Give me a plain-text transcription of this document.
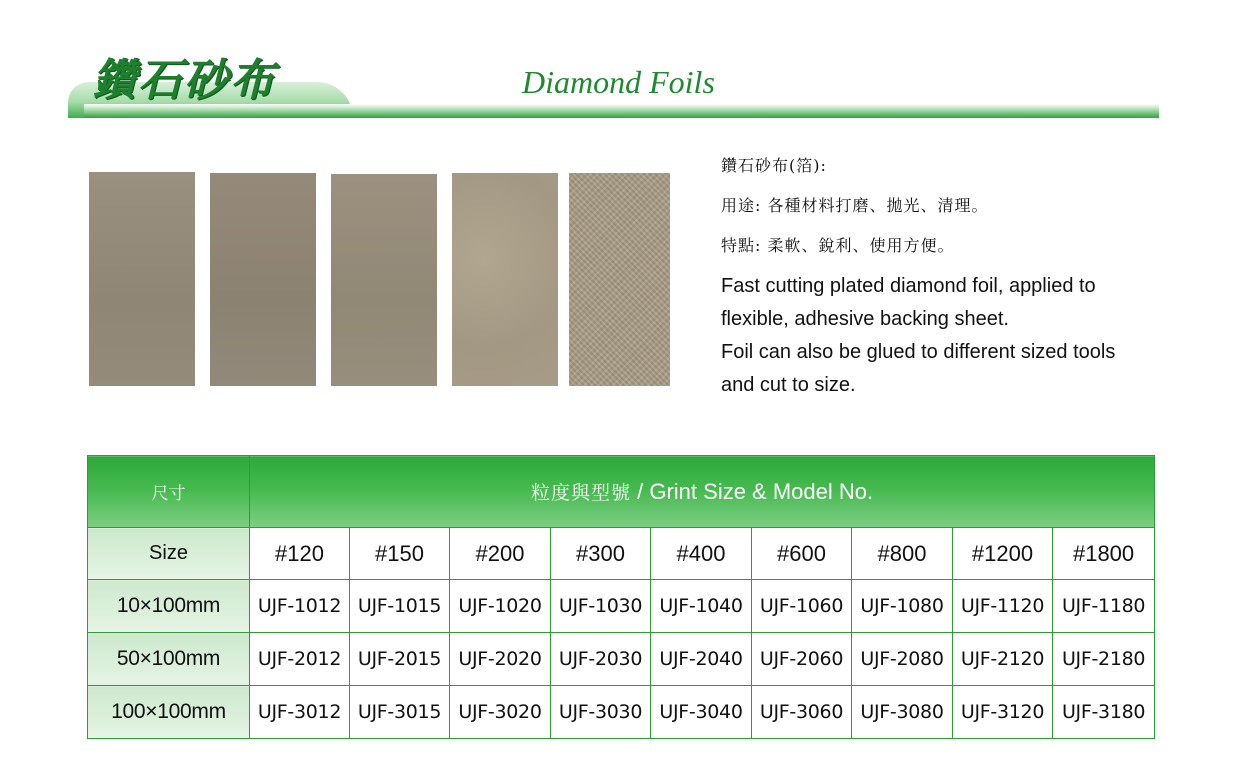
鑽石砂布	Diamond Foils
鑽石砂布(箔):
用途: 各種材料打磨、拋光、清理。
特點: 柔軟、銳利、使用方便。
Fast cutting plated diamond foil, applied to
flexible, adhesive backing sheet.
Foil can also be glued to different sized tools
and cut to size.
尺寸	粒度與型號 / Grint Size & Model No.								
Size	#120	#150	#200	#300	#400	#600	#800	#1200	#1800
10×100mm	UJF-1012	UJF-1015	UJF-1020	UJF-1030	UJF-1040	UJF-1060	UJF-1080	UJF-1120	UJF-1180
50×100mm	UJF-2012	UJF-2015	UJF-2020	UJF-2030	UJF-2040	UJF-2060	UJF-2080	UJF-2120	UJF-2180
100×100mm	UJF-3012	UJF-3015	UJF-3020	UJF-3030	UJF-3040	UJF-3060	UJF-3080	UJF-3120	UJF-3180
